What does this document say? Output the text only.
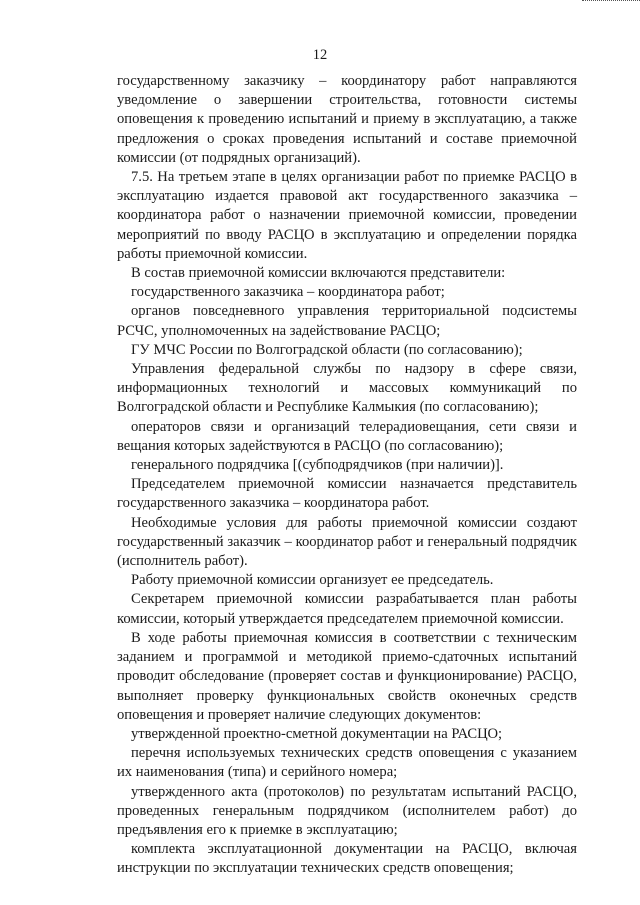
12

государственному заказчику – координатору работ направляются уведомление о завершении строительства, готовности системы оповещения к проведению испытаний и приему в эксплуатацию, а также предложения о сроках проведения испытаний и составе приемочной комиссии (от подрядных организаций).

7.5. На третьем этапе в целях организации работ по приемке РАСЦО в эксплуатацию издается правовой акт государственного заказчика – координатора работ о назначении приемочной комиссии, проведении мероприятий по вводу РАСЦО в эксплуатацию и определении порядка работы приемочной комиссии.

В состав приемочной комиссии включаются представители:

государственного заказчика – координатора работ;

органов повседневного управления территориальной подсистемы РСЧС, уполномоченных на задействование РАСЦО;

ГУ МЧС России по Волгоградской области (по согласованию);

Управления федеральной службы по надзору в сфере связи, информационных технологий и массовых коммуникаций по Волгоградской области и Республике Калмыкия (по согласованию);

операторов связи и организаций телерадиовещания, сети связи и вещания которых задействуются в РАСЦО (по согласованию);

генерального подрядчика [(субподрядчиков (при наличии)].

Председателем приемочной комиссии назначается представитель государственного заказчика – координатора работ.

Необходимые условия для работы приемочной комиссии создают государственный заказчик – координатор работ и генеральный подрядчик (исполнитель работ).

Работу приемочной комиссии организует ее председатель.

Секретарем приемочной комиссии разрабатывается план работы комиссии, который утверждается председателем приемочной комиссии.

В ходе работы приемочная комиссия в соответствии с техническим заданием и программой и методикой приемо-сдаточных испытаний проводит обследование (проверяет состав и функционирование) РАСЦО, выполняет проверку функциональных свойств оконечных средств оповещения и проверяет наличие следующих документов:

утвержденной проектно-сметной документации на РАСЦО;

перечня используемых технических средств оповещения с указанием их наименования (типа) и серийного номера;

утвержденного акта (протоколов) по результатам испытаний РАСЦО, проведенных генеральным подрядчиком (исполнителем работ) до предъявления его к приемке в эксплуатацию;

комплекта эксплуатационной документации на РАСЦО, включая инструкции по эксплуатации технических средств оповещения;
